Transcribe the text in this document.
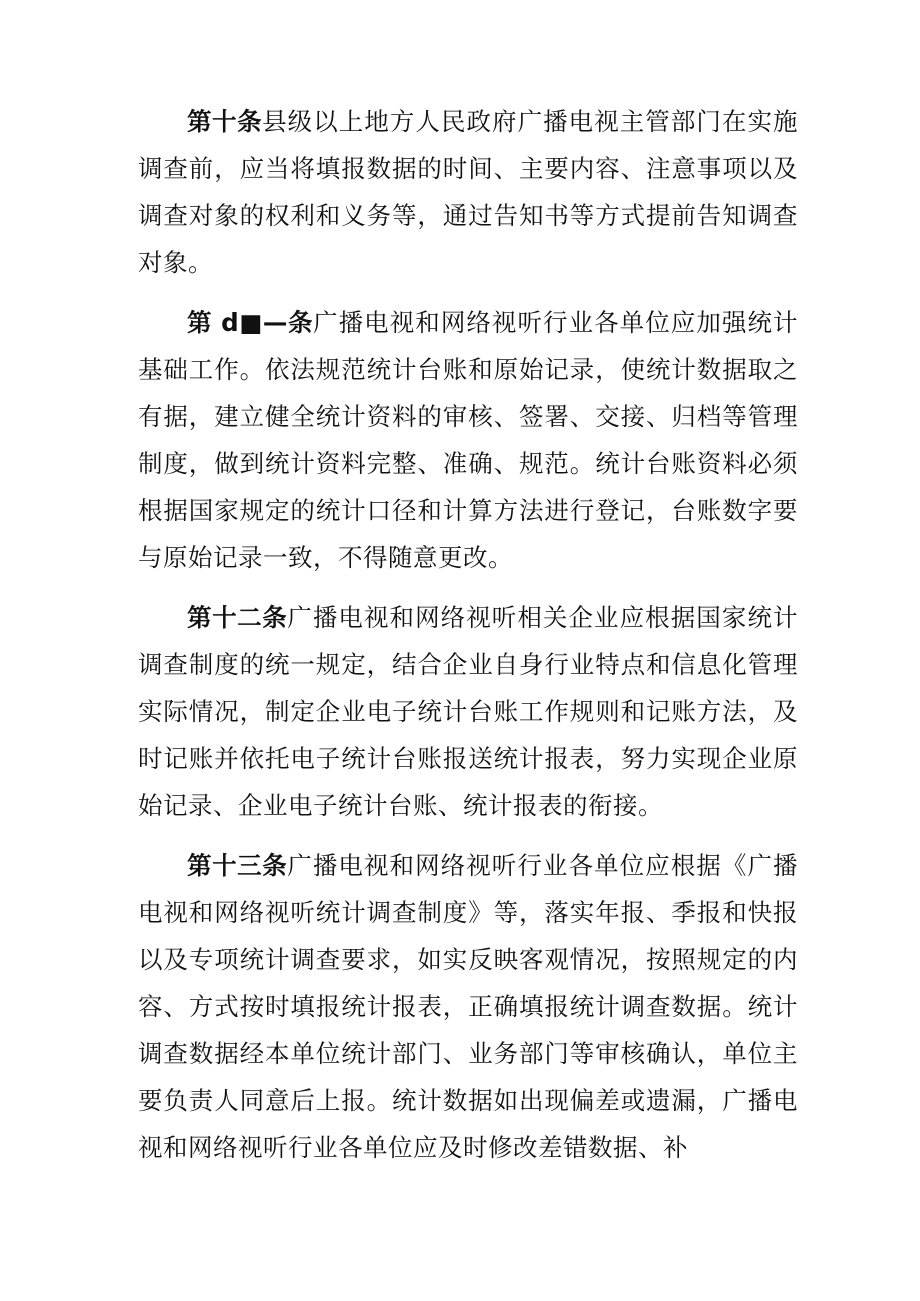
第十条县级以上地方人民政府广播电视主管部门在实施调查前，应当将填报数据的时间、主要内容、注意事项以及调查对象的权利和义务等，通过告知书等方式提前告知调查对象。

第 d■—条广播电视和网络视听行业各单位应加强统计基础工作。依法规范统计台账和原始记录，使统计数据取之有据，建立健全统计资料的审核、签署、交接、归档等管理制度，做到统计资料完整、准确、规范。统计台账资料必须根据国家规定的统计口径和计算方法进行登记，台账数字要与原始记录一致，不得随意更改。

第十二条广播电视和网络视听相关企业应根据国家统计调查制度的统一规定，结合企业自身行业特点和信息化管理实际情况，制定企业电子统计台账工作规则和记账方法，及时记账并依托电子统计台账报送统计报表，努力实现企业原始记录、企业电子统计台账、统计报表的衔接。

第十三条广播电视和网络视听行业各单位应根据《广播电视和网络视听统计调查制度》等，落实年报、季报和快报以及专项统计调查要求，如实反映客观情况，按照规定的内容、方式按时填报统计报表，正确填报统计调查数据。统计调查数据经本单位统计部门、业务部门等审核确认，单位主要负责人同意后上报。统计数据如出现偏差或遗漏，广播电视和网络视听行业各单位应及时修改差错数据、补
